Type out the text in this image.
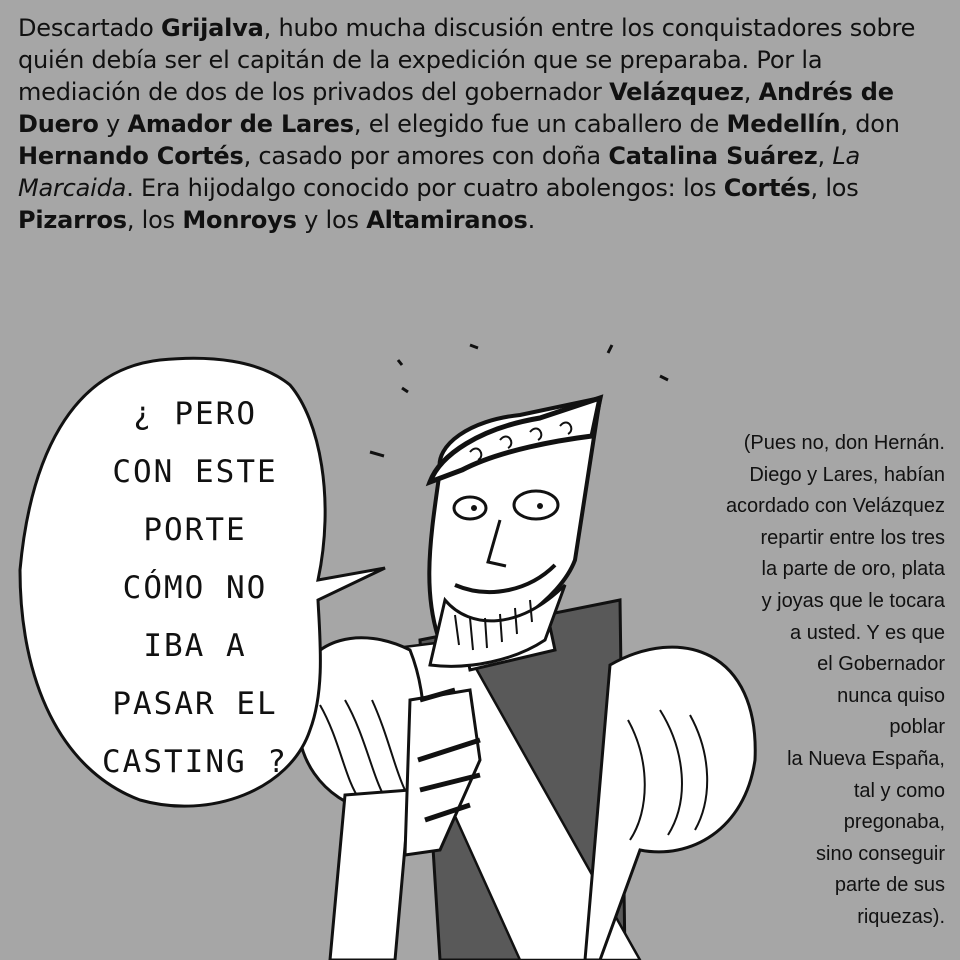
Descartado Grijalva, hubo mucha discusión entre los conquistadores sobre quién debía ser el capitán de la expedición que se preparaba. Por la mediación de dos de los privados del gobernador Velázquez, Andrés de Duero y Amador de Lares, el elegido fue un caballero de Medellín, don Hernando Cortés, casado por amores con doña Catalina Suárez, La Marcaida. Era hijodalgo conocido por cuatro abolengos: los Cortés, los Pizarros, los Monroys y los Altamiranos.

¿ PERO
CON ESTE
PORTE
CÓMO NO
IBA A
PASAR EL
CASTING ?
(Pues no, don Hernán.
Diego y Lares, habían
acordado con Velázquez
repartir entre los tres
la parte de oro, plata
y joyas que le tocara
a usted. Y es que
el Gobernador
nunca quiso
poblar
la Nueva España,
tal y como
pregonaba,
sino conseguir
parte de sus
riquezas).
